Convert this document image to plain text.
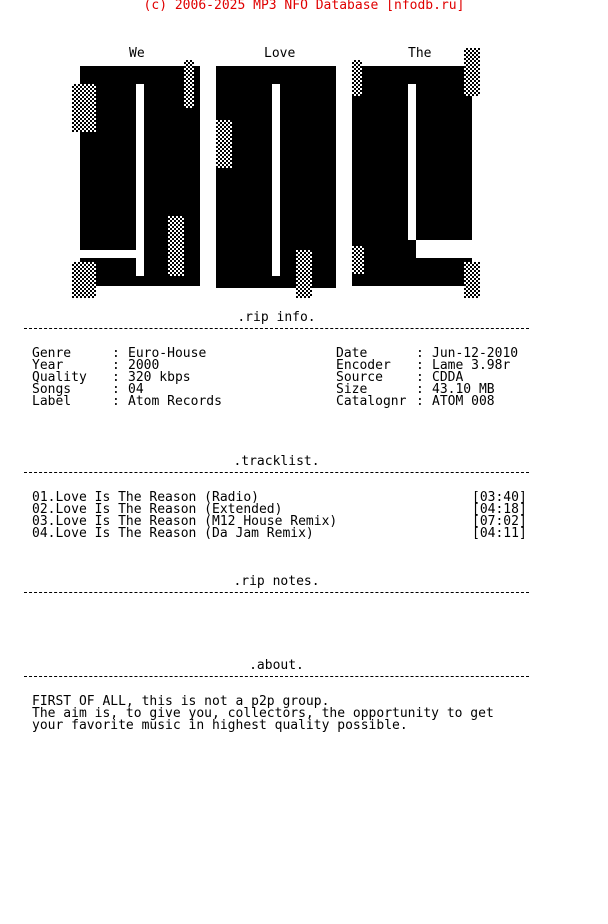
(c) 2006-2025 MP3 NFO Database [nfodb.ru]
We	Love	The
.rip info.
Genre	: Euro-House
Year	: 2000
Quality : 320 kbps
Songs	: 04
Label	: Atom Records
Date	: Jun-12-2010
Encoder : Lame 3.98r
Source	: CDDA
Size	: 43.10 MB
Catalognr : ATOM 008
.tracklist.
01.Love Is The Reason (Radio)	[03:40]
02.Love Is The Reason (Extended)	[04:18]
03.Love Is The Reason (M12 House Remix)	[07:02]
04.Love Is The Reason (Da Jam Remix)	[04:11]
.rip notes.
.about.
FIRST OF ALL, this is not a p2p group.
The aim is, to give you, collectors, the opportunity to get
your favorite music in highest quality possible.
